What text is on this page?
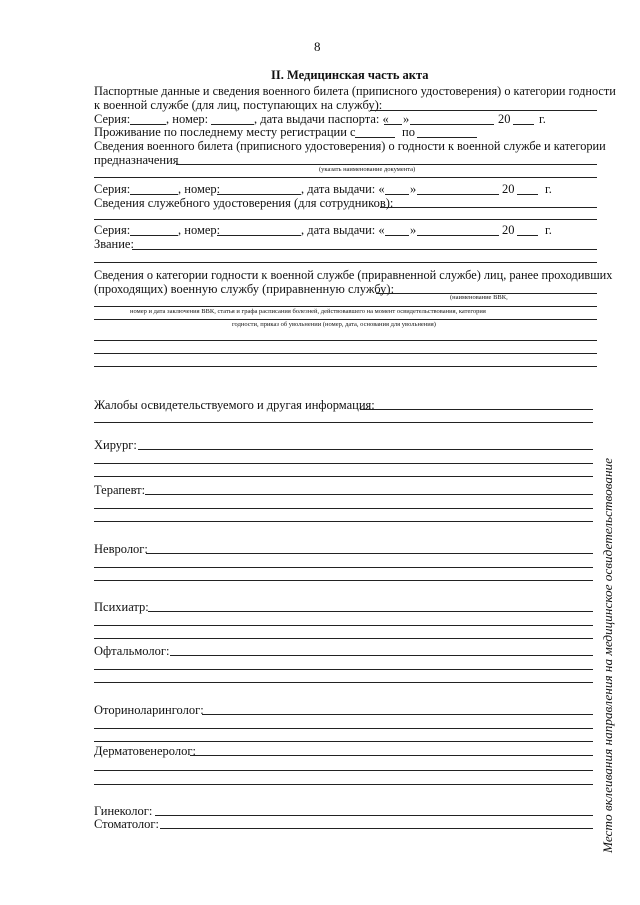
8
II. Медицинская часть акта
Паспортные данные и сведения военного билета (приписного удостоверения) о категории годности
к военной службе (для лиц, поступающих на службу):
Серия:	, номер:	, дата выдачи паспорта: « »	20 г.
Проживание по последнему месту регистрации с	по
Сведения военного билета (приписного удостоверения) о годности к военной службе и категории
предназначения
(указать наименование документа)
Серия:	, номер:	, дата выдачи: « »	20 г.
Сведения служебного удостоверения (для сотрудников):
Серия:	, номер:	, дата выдачи: « »	20 г.
Звание:
Сведения о категории годности к военной службе (приравненной службе) лиц, ранее проходивших
(проходящих) военную службу (приравненную службу):
(наименование ВВК,
номер и дата заключения ВВК, статья и графа расписания болезней, действовавшего на момент освидетельствования, категория
годности, приказ об увольнении (номер, дата, основания для увольнения)
Жалобы освидетельствуемого и другая информация:
Хирург:
Терапевт:
Невролог:
Психиатр:
Офтальмолог:
Оториноларинголог:
Дерматовенеролог:
Гинеколог:
Стоматолог:	Место вклеивания направления на медицинское освидетельствование
